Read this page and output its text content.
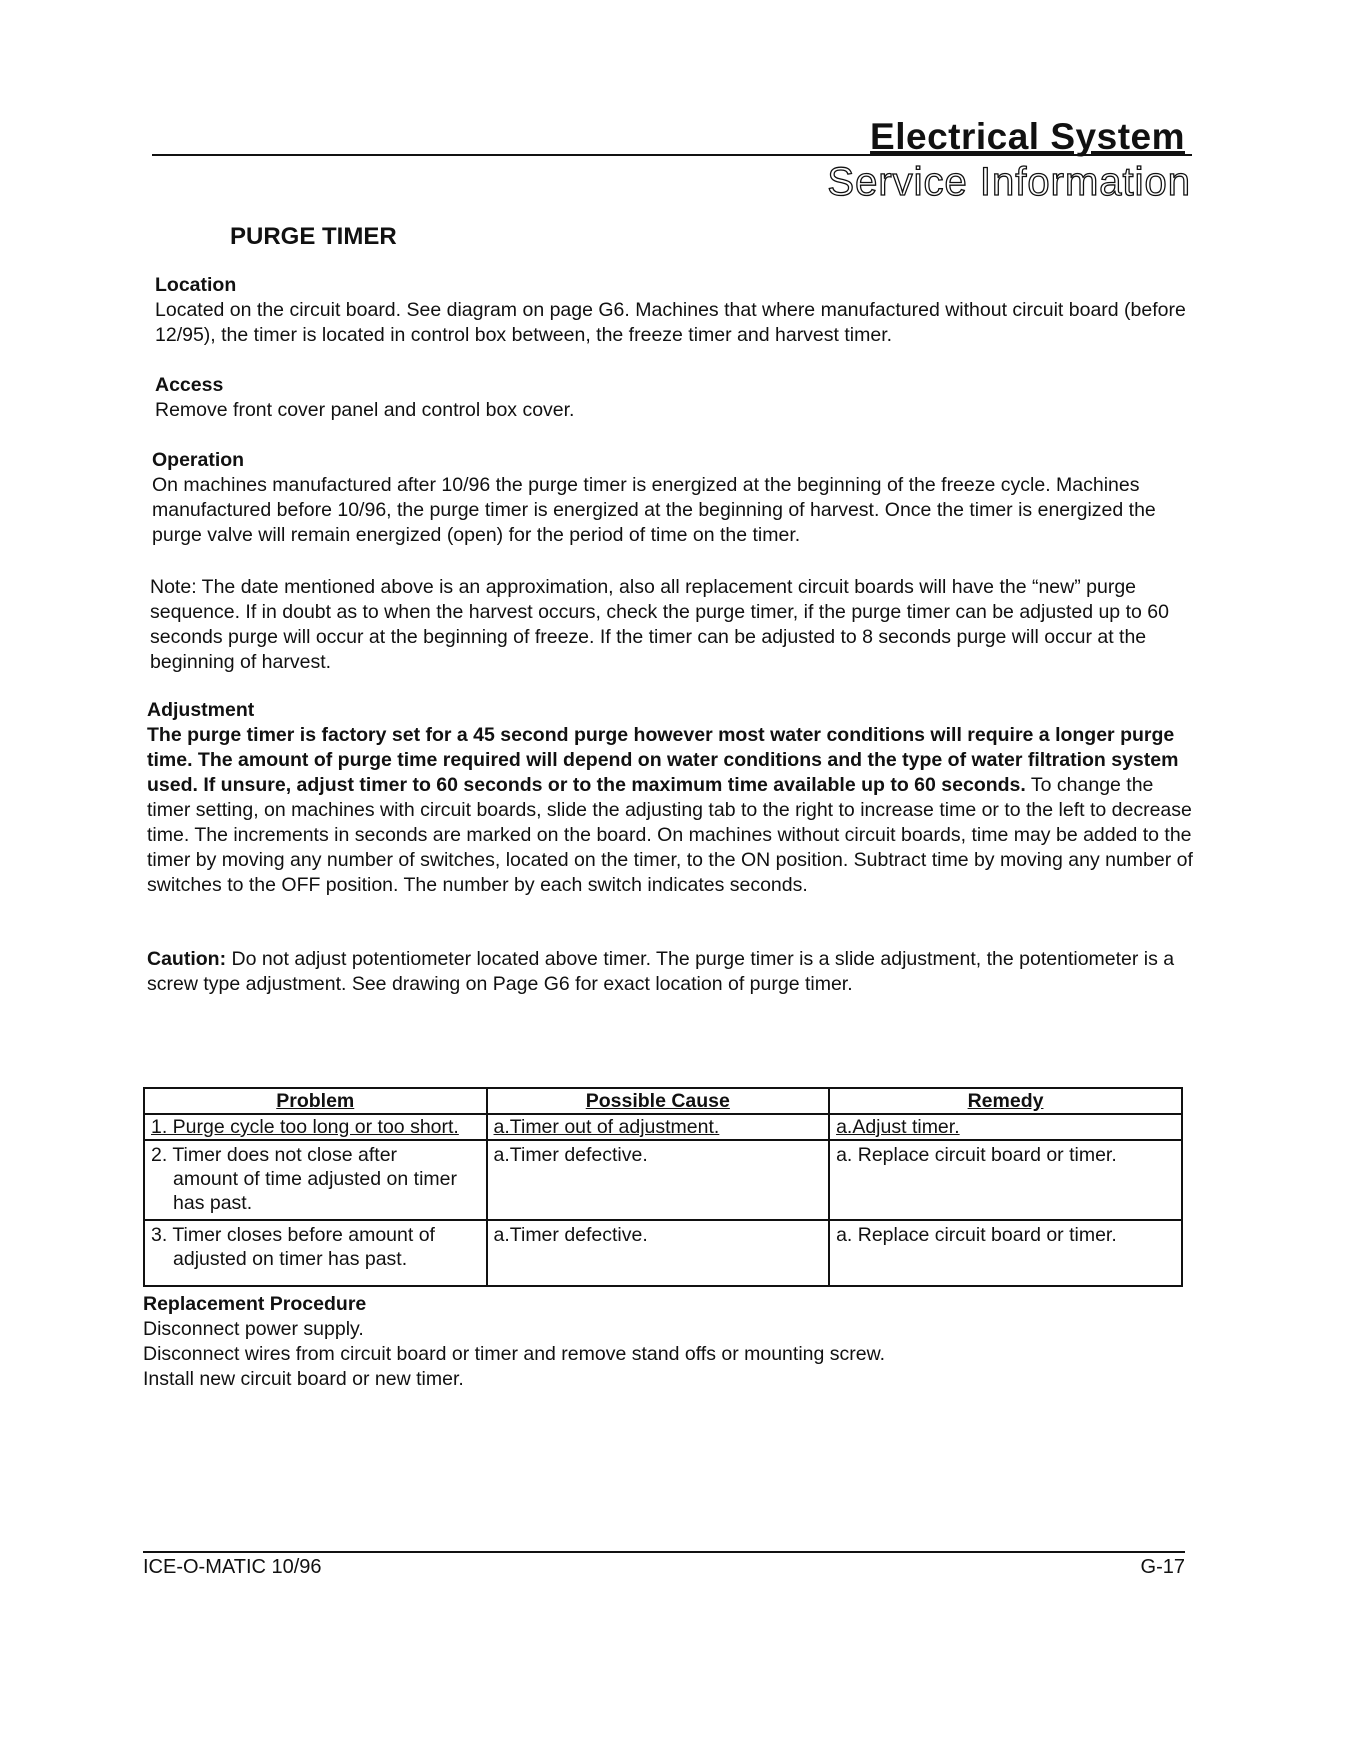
Electrical System
Service Information
PURGE TIMER
Location

Located on the circuit board. See diagram on page G6. Machines that where manufactured without circuit board (before 12/95), the timer is located in control box between, the freeze timer and harvest timer.

Access

Remove front cover panel and control box cover.

Operation

On machines manufactured after 10/96 the purge timer is energized at the beginning of the freeze cycle. Machines manufactured before 10/96, the purge timer is energized at the beginning of harvest. Once the timer is energized the purge valve will remain energized (open) for the period of time on the timer.

Note: The date mentioned above is an approximation, also all replacement circuit boards will have the “new” purge sequence. If in doubt as to when the harvest occurs, check the purge timer, if the purge timer can be adjusted up to 60 seconds purge will occur at the beginning of freeze. If the timer can be adjusted to 8 seconds purge will occur at the beginning of harvest.

Adjustment

The purge timer is factory set for a 45 second purge however most water conditions will require a longer purge time. The amount of purge time required will depend on water conditions and the type of water filtration system used. If unsure, adjust timer to 60 seconds or to the maximum time available up to 60 seconds. To change the timer setting, on machines with circuit boards, slide the adjusting tab to the right to increase time or to the left to decrease time. The increments in seconds are marked on the board. On machines without circuit boards, time may be added to the timer by moving any number of switches, located on the timer, to the ON position. Subtract time by moving any number of switches to the OFF position. The number by each switch indicates seconds.

Caution: Do not adjust potentiometer located above timer. The purge timer is a slide adjustment, the potentiometer is a screw type adjustment. See drawing on Page G6 for exact location of purge timer.

Problem	Possible Cause	Remedy
1. Purge cycle too long or too short.	a.Timer out of adjustment.	a.Adjust timer.
2. Timer does not close after
amount of time adjusted on timer has past.	a.Timer defective.	a. Replace circuit board or timer.
3. Timer closes before amount of
adjusted on timer has past.	a.Timer defective.	a. Replace circuit board or timer.
Replacement Procedure

Disconnect power supply.

Disconnect wires from circuit board or timer and remove stand offs or mounting screw.

Install new circuit board or new timer.

ICE-O-MATIC 10/96	G-17
